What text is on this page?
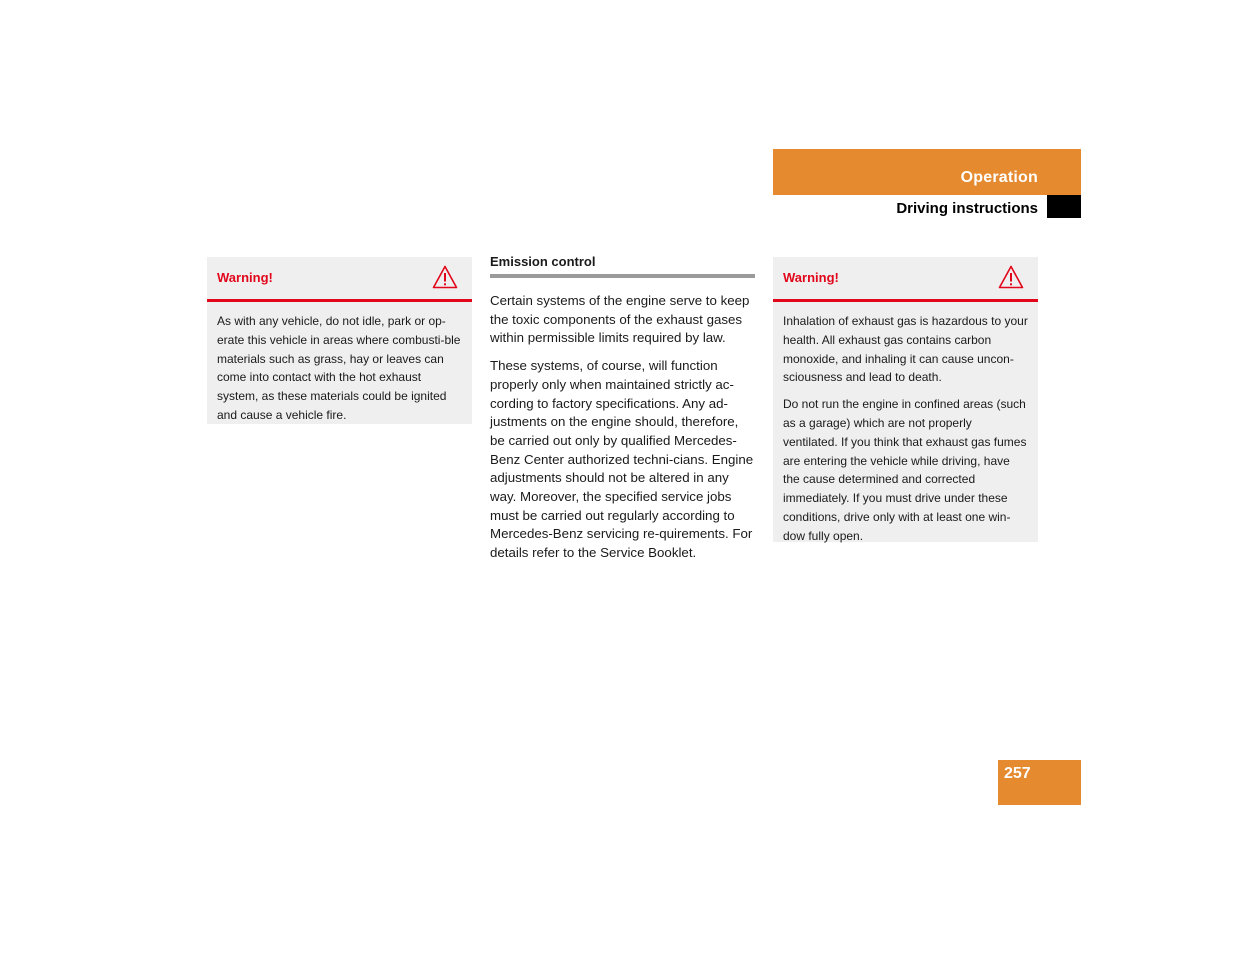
Operation
Driving instructions
Warning!

As with any vehicle, do not idle, park or op-erate this vehicle in areas where combusti-ble materials such as grass, hay or leaves can come into contact with the hot exhaust system, as these materials could be ignited and cause a vehicle fire.

Emission control

Certain systems of the engine serve to keep the toxic components of the exhaust gases within permissible limits required by law.

These systems, of course, will function properly only when maintained strictly ac-cording to factory specifications. Any ad-justments on the engine should, therefore, be carried out only by qualified Mercedes-Benz Center authorized techni-cians. Engine adjustments should not be altered in any way. Moreover, the specified service jobs must be carried out regularly according to Mercedes-Benz servicing re-quirements. For details refer to the Service Booklet.

Warning!

Inhalation of exhaust gas is hazardous to your health. All exhaust gas contains carbon monoxide, and inhaling it can cause uncon-sciousness and lead to death.

Do not run the engine in confined areas (such as a garage) which are not properly ventilated. If you think that exhaust gas fumes are entering the vehicle while driving, have the cause determined and corrected immediately. If you must drive under these conditions, drive only with at least one win-dow fully open.

257
